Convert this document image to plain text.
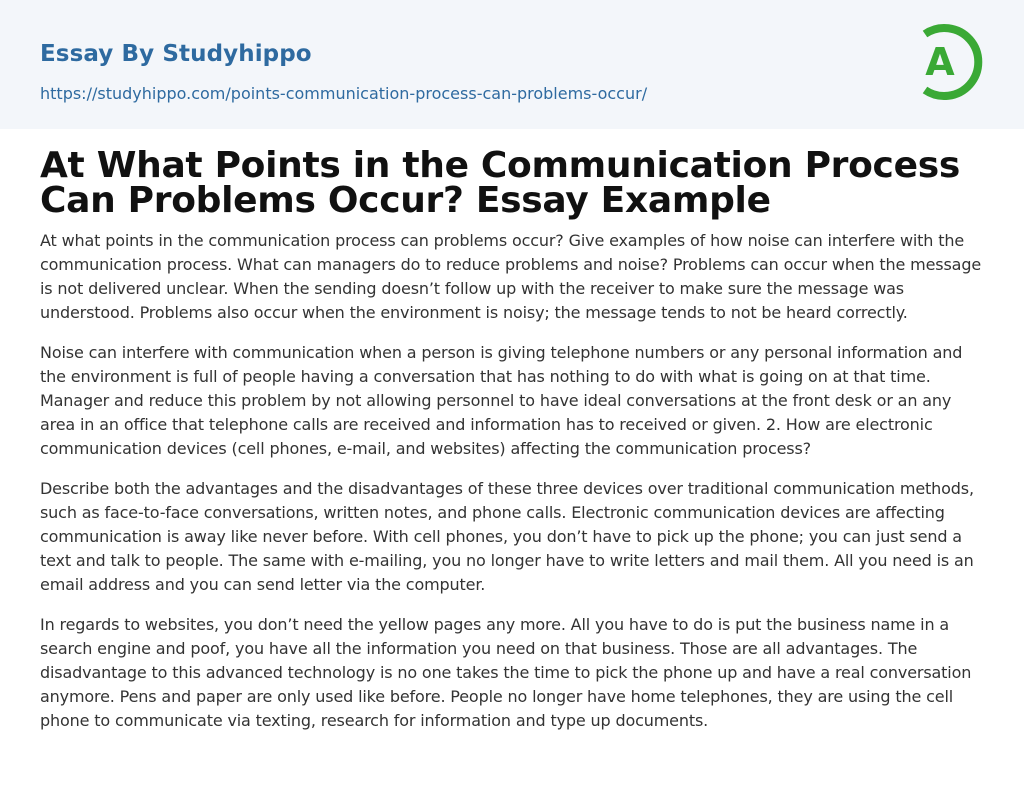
Essay By Studyhippo
https://studyhippo.com/points-communication-process-can-problems-occur/
A
At What Points in the Communication Process Can Problems Occur? Essay Example

At what points in the communication process can problems occur? Give examples of how noise can interfere with the communication process. What can managers do to reduce problems and noise? Problems can occur when the message is not delivered unclear. When the sending doesn’t follow up with the receiver to make sure the message was understood. Problems also occur when the environment is noisy; the message tends to not be heard correctly.

Noise can interfere with communication when a person is giving telephone numbers or any personal information and the environment is full of people having a conversation that has nothing to do with what is going on at that time. Manager and reduce this problem by not allowing personnel to have ideal conversations at the front desk or an any area in an office that telephone calls are received and information has to received or given. 2. How are electronic communication devices (cell phones, e-mail, and websites) affecting the communication process?

Describe both the advantages and the disadvantages of these three devices over traditional communication methods, such as face-to-face conversations, written notes, and phone calls. Electronic communication devices are affecting communication is away like never before. With cell phones, you don’t have to pick up the phone; you can just send a text and talk to people. The same with e-mailing, you no longer have to write letters and mail them. All you need is an email address and you can send letter via the computer.

In regards to websites, you don’t need the yellow pages any more. All you have to do is put the business name in a search engine and poof, you have all the information you need on that business. Those are all advantages. The disadvantage to this advanced technology is no one takes the time to pick the phone up and have a real conversation anymore. Pens and paper are only used like before. People no longer have home telephones, they are using the cell phone to communicate via texting, research for information and type up documents.
